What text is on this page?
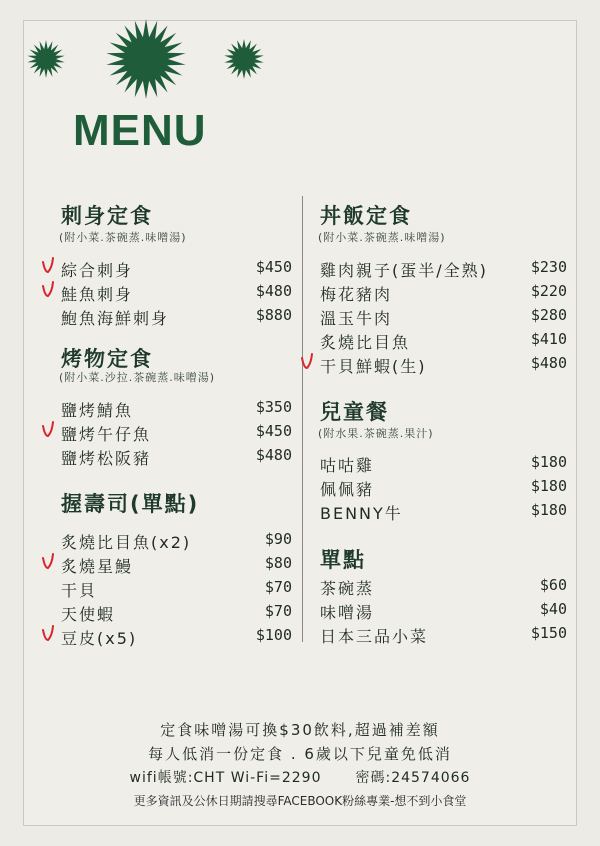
MENU
刺身定食
(附小菜.茶碗蒸.味噌湯)
綜合刺身	$450
鮭魚刺身	$480
鮑魚海鮮刺身	$880
烤物定食
(附小菜.沙拉.茶碗蒸.味噌湯)
鹽烤鯖魚	$350
鹽烤午仔魚	$450
鹽烤松阪豬	$480
握壽司(單點)
炙燒比目魚(x2)	$90
炙燒星鰻	$80
干貝	$70
天使蝦	$70
豆皮(x5)	$100
丼飯定食
(附小菜.茶碗蒸.味噌湯)
雞肉親子(蛋半/全熟)	$230
梅花豬肉	$220
溫玉牛肉	$280
炙燒比目魚	$410
干貝鮮蝦(生)	$480
兒童餐
(附水果.茶碗蒸.果汁)
咕咕雞	$180
佩佩豬	$180
BENNY牛	$180
單點
茶碗蒸	$60
味噌湯	$40
日本三品小菜	$150
定食味噌湯可換$30飲料,超過補差額
每人低消一份定食 . 6歲以下兒童免低消
wifi帳號:CHT Wi-Fi=2290 密碼:24574066
更多資訊及公休日期請搜尋FACEBOOK粉絲專業-想不到小食堂
